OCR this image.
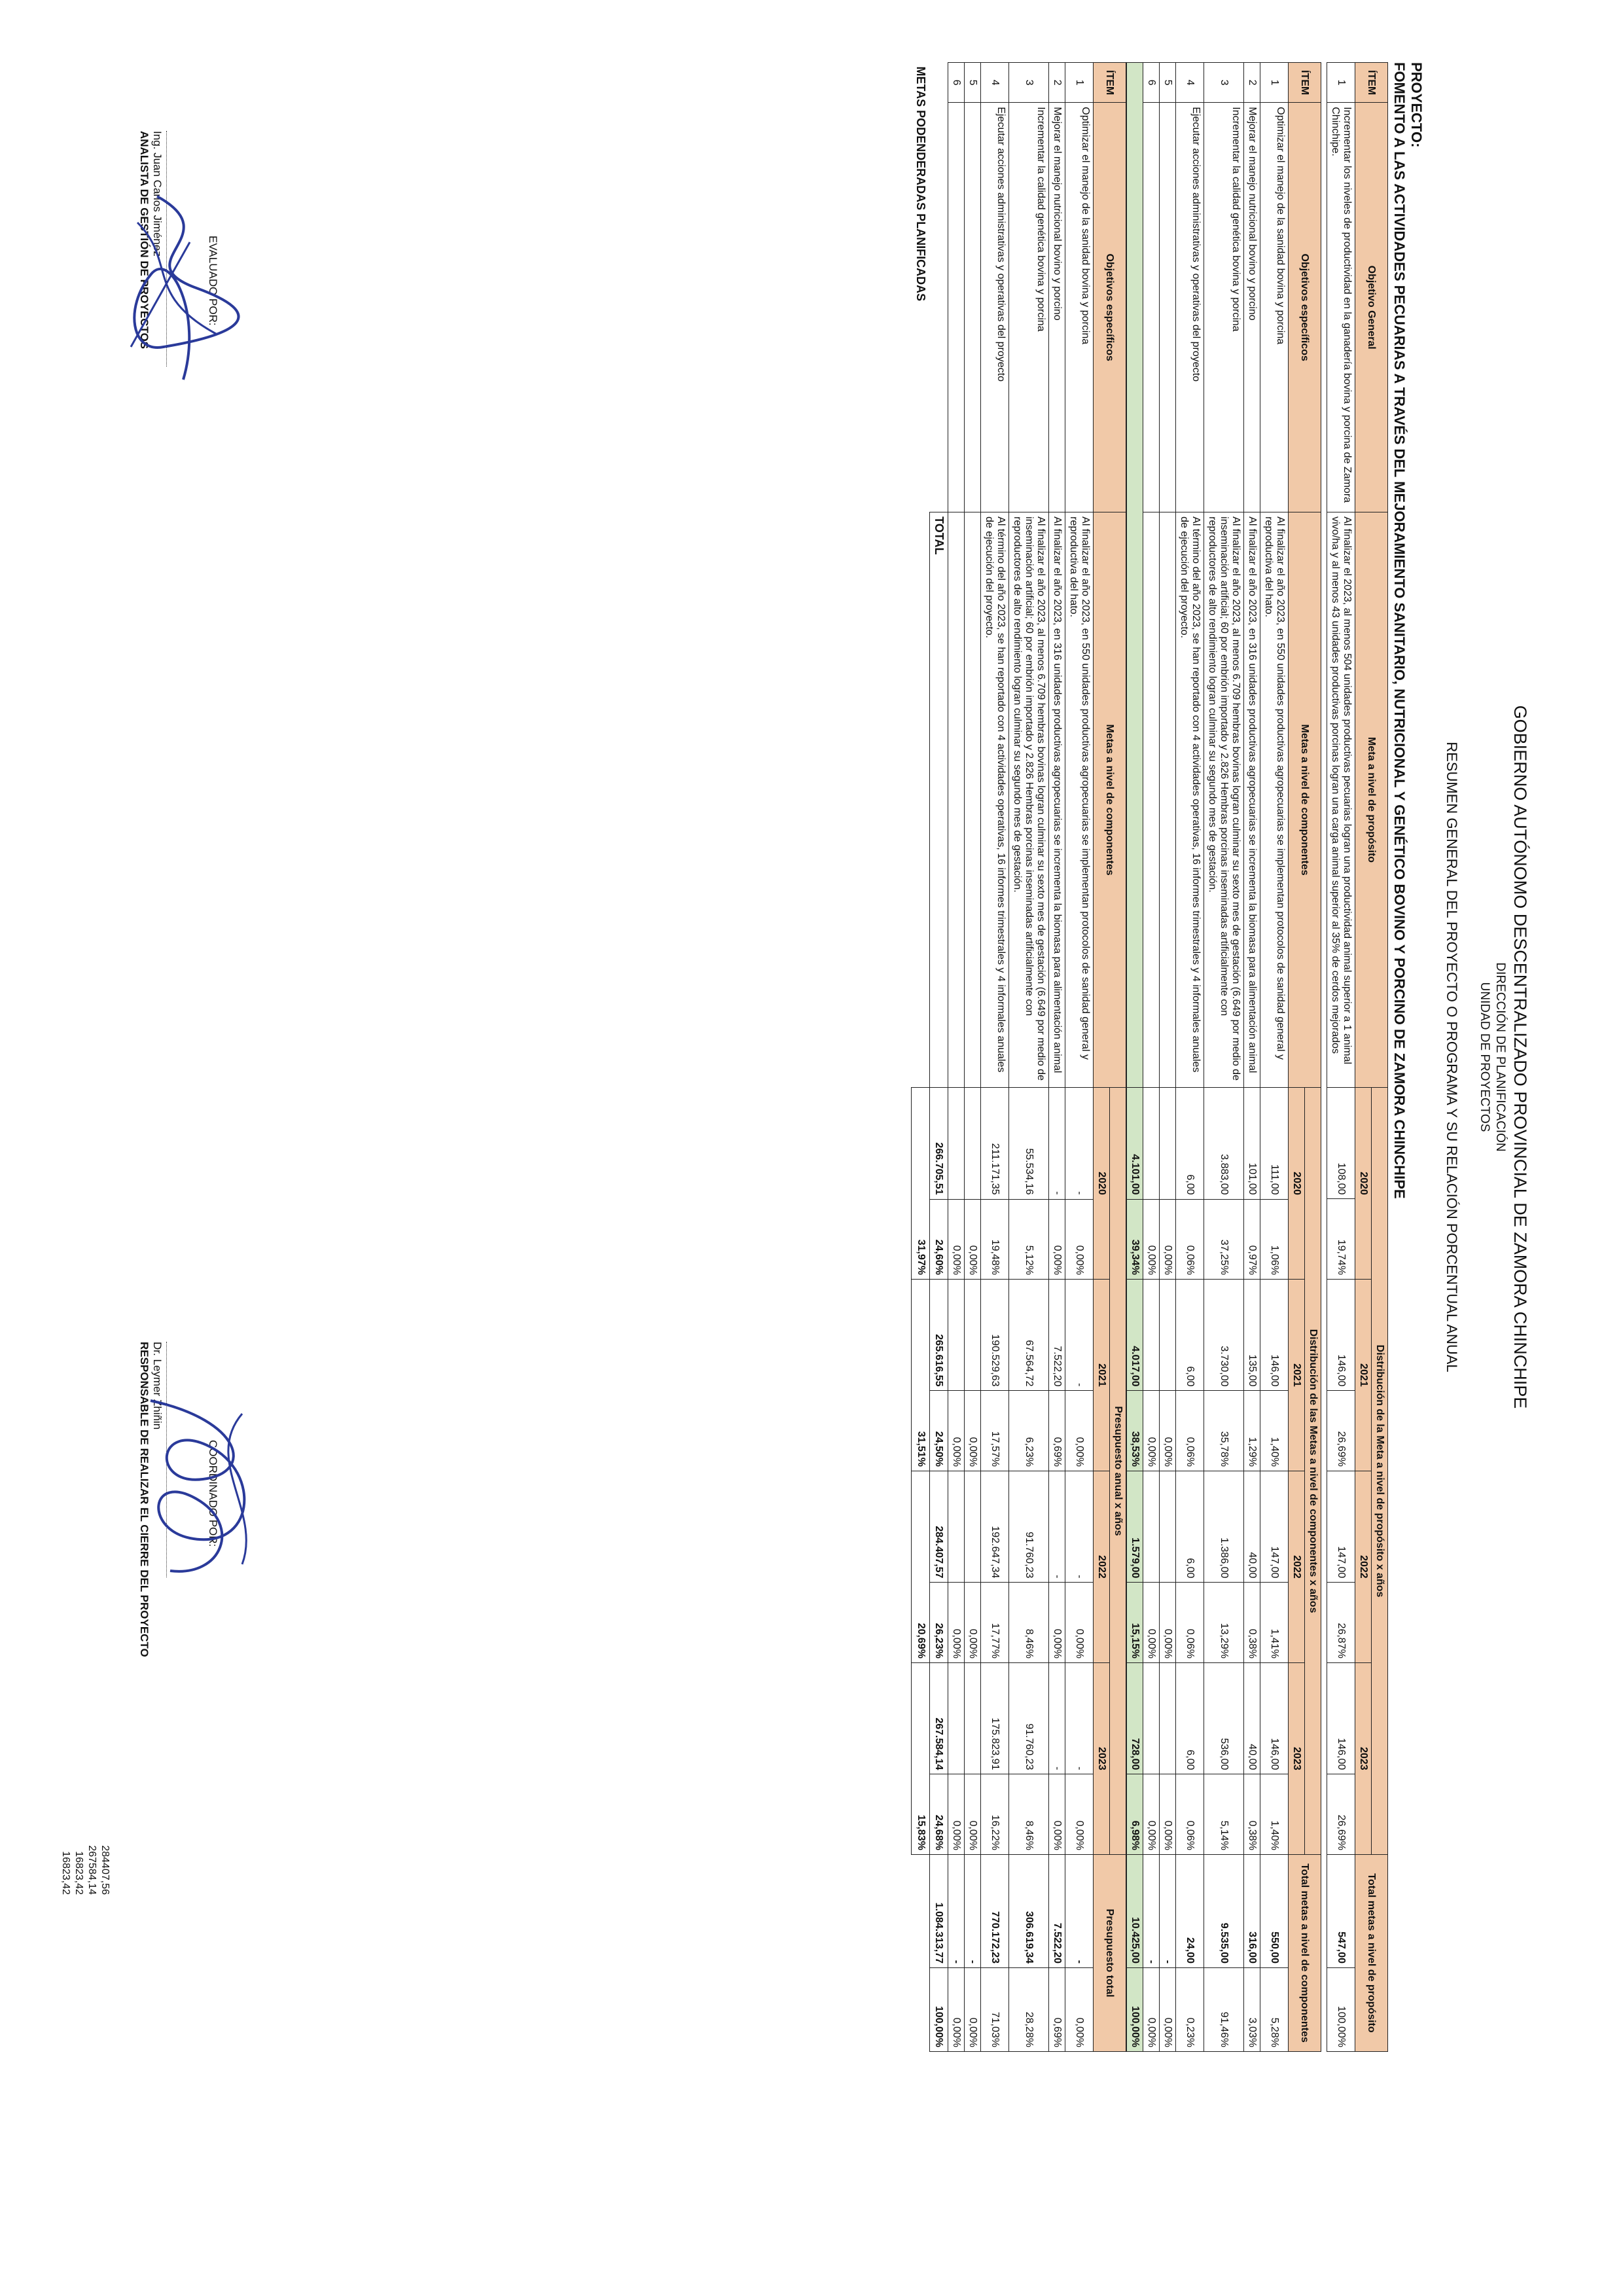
GOBIERNO AUTÓNOMO DESCENTRALIZADO PROVINCIAL DE ZAMORA CHINCHIPE
DIRECCIÓN DE PLANIFICACIÓN
UNIDAD DE PROYECTOS
RESUMEN GENERAL DEL PROYECTO O PROGRAMA Y SU RELACIÓN PORCENTUAL ANUAL
PROYECTO:
FOMENTO A LAS ACTIVIDADES PECUARIAS A TRAVÉS DEL MEJORAMIENTO SANITARIO, NUTRICIONAL Y GENÉTICO BOVINO Y PORCINO DE ZAMORA CHINCHIPE
ÍTEM	Objetivo General	Meta a nivel de propósito	Distribución de la Meta a nivel de propósito x años								Total metas a nivel de propósito	
			2020		2021		2022		2023			
1	Incrementar los niveles de productividad en la ganadería bovina y porcina de Zamora Chinchipe.	Al finalizar el 2023, al menos 504 unidades productivas pecuarias logran una productividad animal superior a 1 animal vivo/ha y al menos 43 unidades productivas porcinas logran una carga animal superior al 35% de cerdos mejorados	108,00	19,74%	146,00	26,69%	147,00	26,87%	146,00	26,69%	547,00	100,00%
ÍTEM	Objetivos específicos	Metas a nivel de componentes	Distribución de las Metas a nivel de componentes x años								Total metas a nivel de componentes	
			2020		2021		2022		2023			
1	Optimizar el manejo de la sanidad bovina y porcina	Al finalizar el año 2023, en 550 unidades productivas agropecuarias se implementan protocolos de sanidad general y reproductiva del hato.	111,00	1,06%	146,00	1,40%	147,00	1,41%	146,00	1,40%	550,00	5,28%
2	Mejorar el manejo nutricional bovino y porcino	Al finalizar el año 2023, en 316 unidades productivas agropecuarias se incrementa la biomasa para alimentación animal	101,00	0,97%	135,00	1,29%	40,00	0,38%	40,00	0,38%	316,00	3,03%
3	Incrementar la calidad genética bovina y porcina	Al finalizar el año 2023, al menos 6.709 hembras bovinas logran culminar su sexto mes de gestación (6.649 por medio de inseminación artificial; 60 por embrión importado y 2.826 Hembras porcinas inseminadas artificialmente con reproductores de alto rendimiento logran culminar su segundo mes de gestación.	3.883,00	37,25%	3.730,00	35,78%	1.386,00	13,29%	536,00	5,14%	9.535,00	91,46%
4	Ejecutar acciones administrativas y operativas del proyecto	Al término del año 2023, se han reportado con 4 actividades operativas, 16 informes trimestrales y 4 informales anuales de ejecución del proyecto.	6,00	0,06%	6,00	0,06%	6,00	0,06%	6,00	0,06%	24,00	0,23%
5				0,00%		0,00%		0,00%		0,00%	-	0,00%
6				0,00%		0,00%		0,00%		0,00%	-	0,00%
			4.101,00	39,34%	4.017,00	38,53%	1.579,00	15,15%	728,00	6,98%	10.425,00	100,00%
ÍTEM	Objetivos específicos	Metas a nivel de componentes	Presupuesto anual x años								Presupuesto total	
			2020		2021		2022		2023			
1	Optimizar el manejo de la sanidad bovina y porcina	Al finalizar el año 2023, en 550 unidades productivas agropecuarias se implementan protocolos de sanidad general y reproductiva del hato.	-	0,00%	-	0,00%	-	0,00%	-	0,00%	-	0,00%
2	Mejorar el manejo nutricional bovino y porcino	Al finalizar el año 2023, en 316 unidades productivas agropecuarias se incrementa la biomasa para alimentación animal	-	0,00%	7.522,20	0,69%	-	0,00%	-	0,00%	7.522,20	0,69%
3	Incrementar la calidad genética bovina y porcina	Al finalizar el año 2023, al menos 6.709 hembras bovinas logran culminar su sexto mes de gestación (6.649 por medio de inseminación artificial; 60 por embrión importado y 2.826 Hembras porcinas inseminadas artificialmente con reproductores de alto rendimiento logran culminar su segundo mes de gestación.	55.534,16	5,12%	67.564,72	6,23%	91.760,23	8,46%	91.760,23	8,46%	306.619,34	28,28%
4	Ejecutar acciones administrativas y operativas del proyecto	Al término del año 2023, se han reportado con 4 actividades operativas, 16 informes trimestrales y 4 informales anuales de ejecución del proyecto.	211.171,35	19,48%	190.529,63	17,57%	192.647,34	17,77%	175.823,91	16,22%	770.172,23	71,03%
5				0,00%		0,00%		0,00%		0,00%	-	0,00%
6				0,00%		0,00%		0,00%		0,00%	-	0,00%
		TOTAL	266.705,51	24,60%	265.616,55	24,50%	284.407,57	26,23%	267.584,14	24,68%	1.084.313,77	100,00%
METAS PODENDERADAS PLANIFICADAS			31,97%		31,51%		20,69%		15,83%			
284407,56
267584,14
16823,42
16823,42
EVALUADO POR:
Ing. Juan Carlos Jiménez
ANALISTA DE GESTIÓN DE PROYECTOS
COORDINADO POR:
Dr. Leymer Zhiñin
RESPONSABLE DE REALIZAR EL CIERRE DEL PROYECTO
